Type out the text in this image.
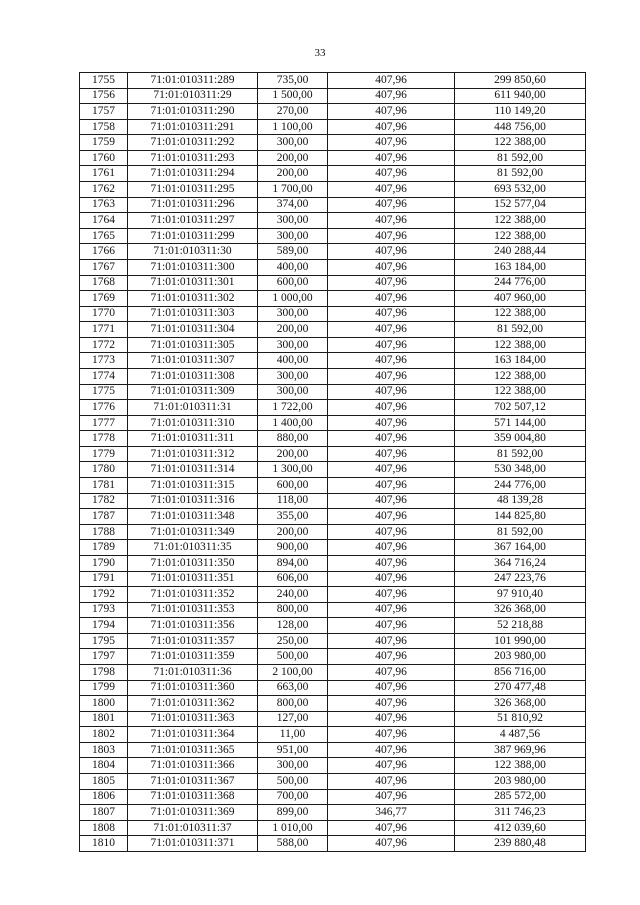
33
1755	71:01:010311:289	735,00	407,96	299 850,60
1756	71:01:010311:29	1 500,00	407,96	611 940,00
1757	71:01:010311:290	270,00	407,96	110 149,20
1758	71:01:010311:291	1 100,00	407,96	448 756,00
1759	71:01:010311:292	300,00	407,96	122 388,00
1760	71:01:010311:293	200,00	407,96	81 592,00
1761	71:01:010311:294	200,00	407,96	81 592,00
1762	71:01:010311:295	1 700,00	407,96	693 532,00
1763	71:01:010311:296	374,00	407,96	152 577,04
1764	71:01:010311:297	300,00	407,96	122 388,00
1765	71:01:010311:299	300,00	407,96	122 388,00
1766	71:01:010311:30	589,00	407,96	240 288,44
1767	71:01:010311:300	400,00	407,96	163 184,00
1768	71:01:010311:301	600,00	407,96	244 776,00
1769	71:01:010311:302	1 000,00	407,96	407 960,00
1770	71:01:010311:303	300,00	407,96	122 388,00
1771	71:01:010311:304	200,00	407,96	81 592,00
1772	71:01:010311:305	300,00	407,96	122 388,00
1773	71:01:010311:307	400,00	407,96	163 184,00
1774	71:01:010311:308	300,00	407,96	122 388,00
1775	71:01:010311:309	300,00	407,96	122 388,00
1776	71:01:010311:31	1 722,00	407,96	702 507,12
1777	71:01:010311:310	1 400,00	407,96	571 144,00
1778	71:01:010311:311	880,00	407,96	359 004,80
1779	71:01:010311:312	200,00	407,96	81 592,00
1780	71:01:010311:314	1 300,00	407,96	530 348,00
1781	71:01:010311:315	600,00	407,96	244 776,00
1782	71:01:010311:316	118,00	407,96	48 139,28
1787	71:01:010311:348	355,00	407,96	144 825,80
1788	71:01:010311:349	200,00	407,96	81 592,00
1789	71:01:010311:35	900,00	407,96	367 164,00
1790	71:01:010311:350	894,00	407,96	364 716,24
1791	71:01:010311:351	606,00	407,96	247 223,76
1792	71:01:010311:352	240,00	407,96	97 910,40
1793	71:01:010311:353	800,00	407,96	326 368,00
1794	71:01:010311:356	128,00	407,96	52 218,88
1795	71:01:010311:357	250,00	407,96	101 990,00
1797	71:01:010311:359	500,00	407,96	203 980,00
1798	71:01:010311:36	2 100,00	407,96	856 716,00
1799	71:01:010311:360	663,00	407,96	270 477,48
1800	71:01:010311:362	800,00	407,96	326 368,00
1801	71:01:010311:363	127,00	407,96	51 810,92
1802	71:01:010311:364	11,00	407,96	4 487,56
1803	71:01:010311:365	951,00	407,96	387 969,96
1804	71:01:010311:366	300,00	407,96	122 388,00
1805	71:01:010311:367	500,00	407,96	203 980,00
1806	71:01:010311:368	700,00	407,96	285 572,00
1807	71:01:010311:369	899,00	346,77	311 746,23
1808	71:01:010311:37	1 010,00	407,96	412 039,60
1810	71:01:010311:371	588,00	407,96	239 880,48
